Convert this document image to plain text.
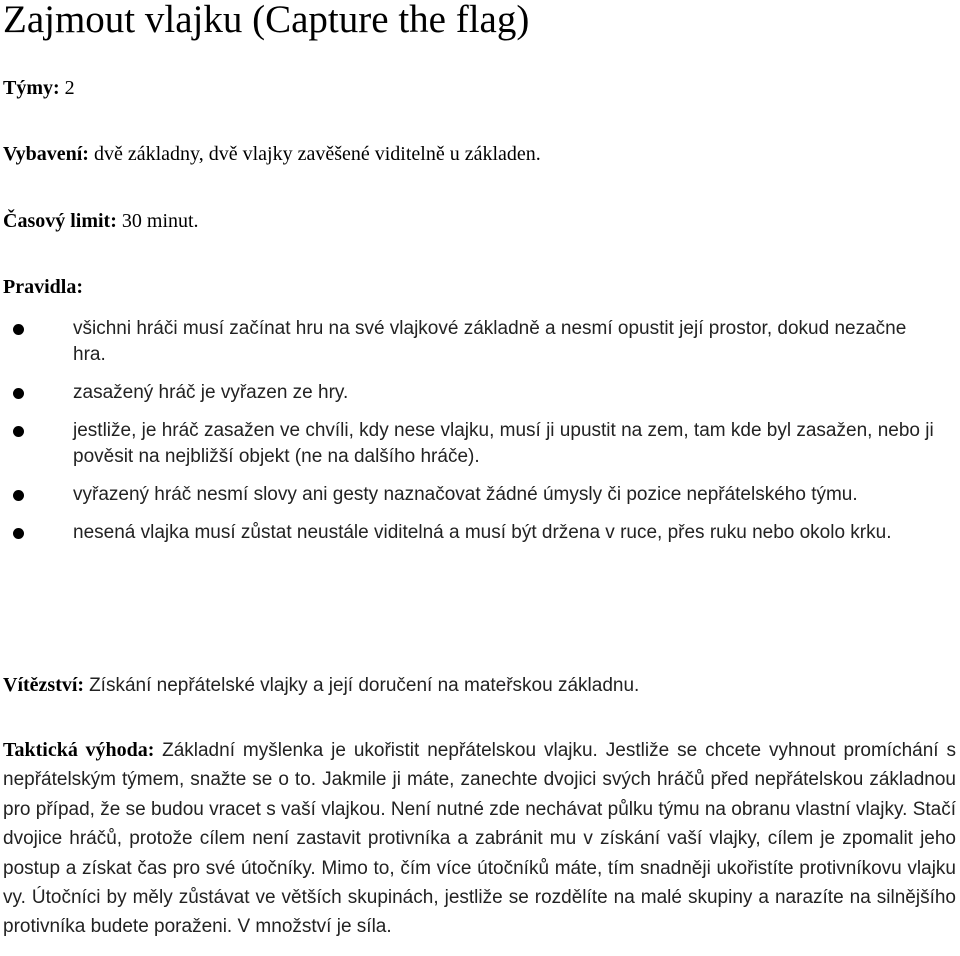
Zajmout vlajku (Capture the flag)
Týmy: 2
Vybavení: dvě základny, dvě vlajky zavěšené viditelně u základen.
Časový limit: 30 minut.
Pravidla:
všichni hráči musí začínat hru na své vlajkové základně a nesmí opustit její prostor, dokud nezačne hra.
zasažený hráč je vyřazen ze hry.
jestliže, je hráč zasažen ve chvíli, kdy nese vlajku, musí ji upustit na zem, tam kde byl zasažen, nebo ji pověsit na nejbližší objekt (ne na dalšího hráče).
vyřazený hráč nesmí slovy ani gesty naznačovat žádné úmysly či pozice nepřátelského týmu.
nesená vlajka musí zůstat neustále viditelná a musí být držena v ruce, přes ruku nebo okolo krku.
Vítězství: Získání nepřátelské vlajky a její doručení na mateřskou základnu.
Taktická výhoda: Základní myšlenka je ukořistit nepřátelskou vlajku. Jestliže se chcete vyhnout promíchání s nepřátelským týmem, snažte se o to. Jakmile ji máte, zanechte dvojici svých hráčů před nepřátelskou základnou pro případ, že se budou vracet s vaší vlajkou. Není nutné zde nechávat půlku týmu na obranu vlastní vlajky. Stačí dvojice hráčů, protože cílem není zastavit protivníka a zabránit mu v získání vaší vlajky, cílem je zpomalit jeho postup a získat čas pro své útočníky. Mimo to, čím více útočníků máte, tím snadněji ukořistíte protivníkovu vlajku vy. Útočníci by měly zůstávat ve větších skupinách, jestliže se rozdělíte na malé skupiny a narazíte na silnějšího protivníka budete poraženi. V množství je síla.
